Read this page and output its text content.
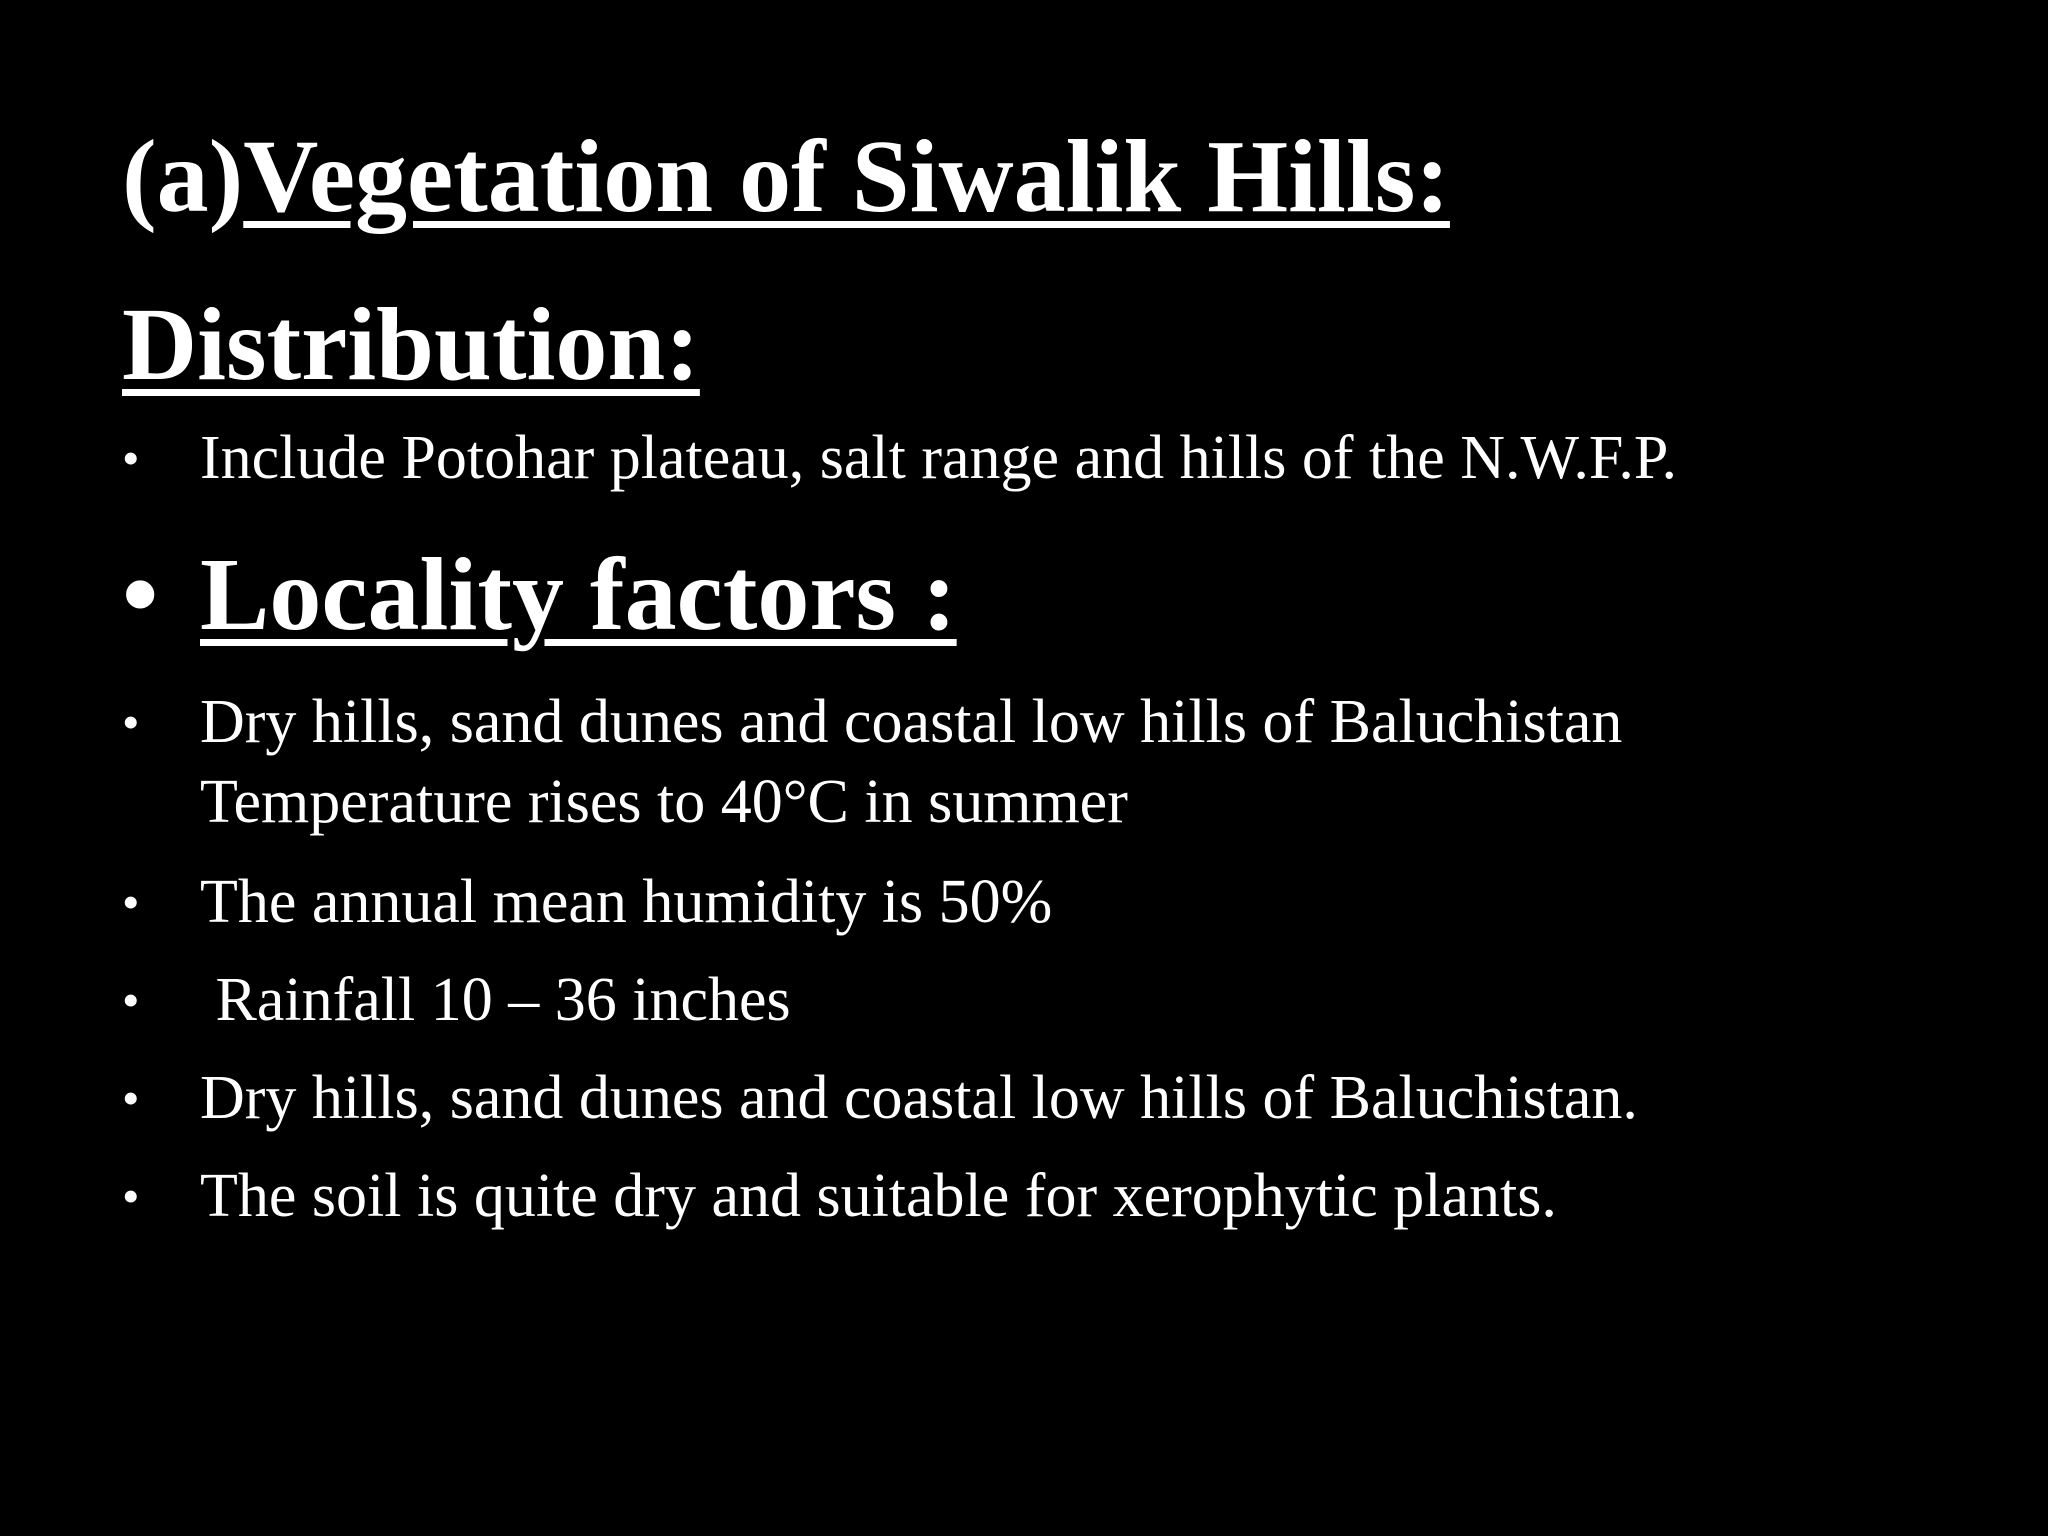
(a)Vegetation of Siwalik Hills:
Distribution:
• Include Potohar plateau, salt range and hills of the N.W.F.P.
• Locality factors :
• Dry hills, sand dunes and coastal low hills of Baluchistan
Temperature rises to 40°C in summer
• The annual mean humidity is 50%
• Rainfall 10 – 36 inches
• Dry hills, sand dunes and coastal low hills of Baluchistan.
• The soil is quite dry and suitable for xerophytic plants.
